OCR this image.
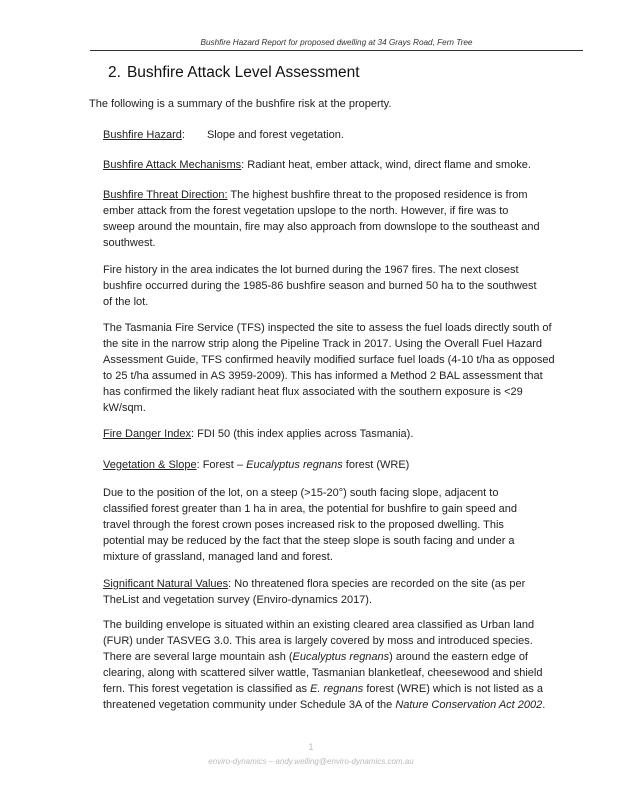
Bushfire Hazard Report for proposed dwelling at 34 Grays Road, Fern Tree
2. Bushfire Attack Level Assessment
The following is a summary of the bushfire risk at the property.
Bushfire Hazard: Slope and forest vegetation.
Bushfire Attack Mechanisms: Radiant heat, ember attack, wind, direct flame and smoke.
Bushfire Threat Direction: The highest bushfire threat to the proposed residence is from
ember attack from the forest vegetation upslope to the north. However, if fire was to
sweep around the mountain, fire may also approach from downslope to the southeast and
southwest.
Fire history in the area indicates the lot burned during the 1967 fires. The next closest
bushfire occurred during the 1985-86 bushfire season and burned 50 ha to the southwest
of the lot.
The Tasmania Fire Service (TFS) inspected the site to assess the fuel loads directly south of
the site in the narrow strip along the Pipeline Track in 2017. Using the Overall Fuel Hazard
Assessment Guide, TFS confirmed heavily modified surface fuel loads (4-10 t/ha as opposed
to 25 t/ha assumed in AS 3959-2009). This has informed a Method 2 BAL assessment that
has confirmed the likely radiant heat flux associated with the southern exposure is <29
kW/sqm.
Fire Danger Index: FDI 50 (this index applies across Tasmania).
Vegetation & Slope: Forest – Eucalyptus regnans forest (WRE)
Due to the position of the lot, on a steep (>15-20°) south facing slope, adjacent to
classified forest greater than 1 ha in area, the potential for bushfire to gain speed and
travel through the forest crown poses increased risk to the proposed dwelling. This
potential may be reduced by the fact that the steep slope is south facing and under a
mixture of grassland, managed land and forest.
Significant Natural Values: No threatened flora species are recorded on the site (as per
TheList and vegetation survey (Enviro-dynamics 2017).
The building envelope is situated within an existing cleared area classified as Urban land
(FUR) under TASVEG 3.0. This area is largely covered by moss and introduced species.
There are several large mountain ash (Eucalyptus regnans) around the eastern edge of
clearing, along with scattered silver wattle, Tasmanian blanketleaf, cheesewood and shield
fern. This forest vegetation is classified as E. regnans forest (WRE) which is not listed as a
threatened vegetation community under Schedule 3A of the Nature Conservation Act 2002.
1
enviro-dynamics – andy.welling@enviro-dynamics.com.au
